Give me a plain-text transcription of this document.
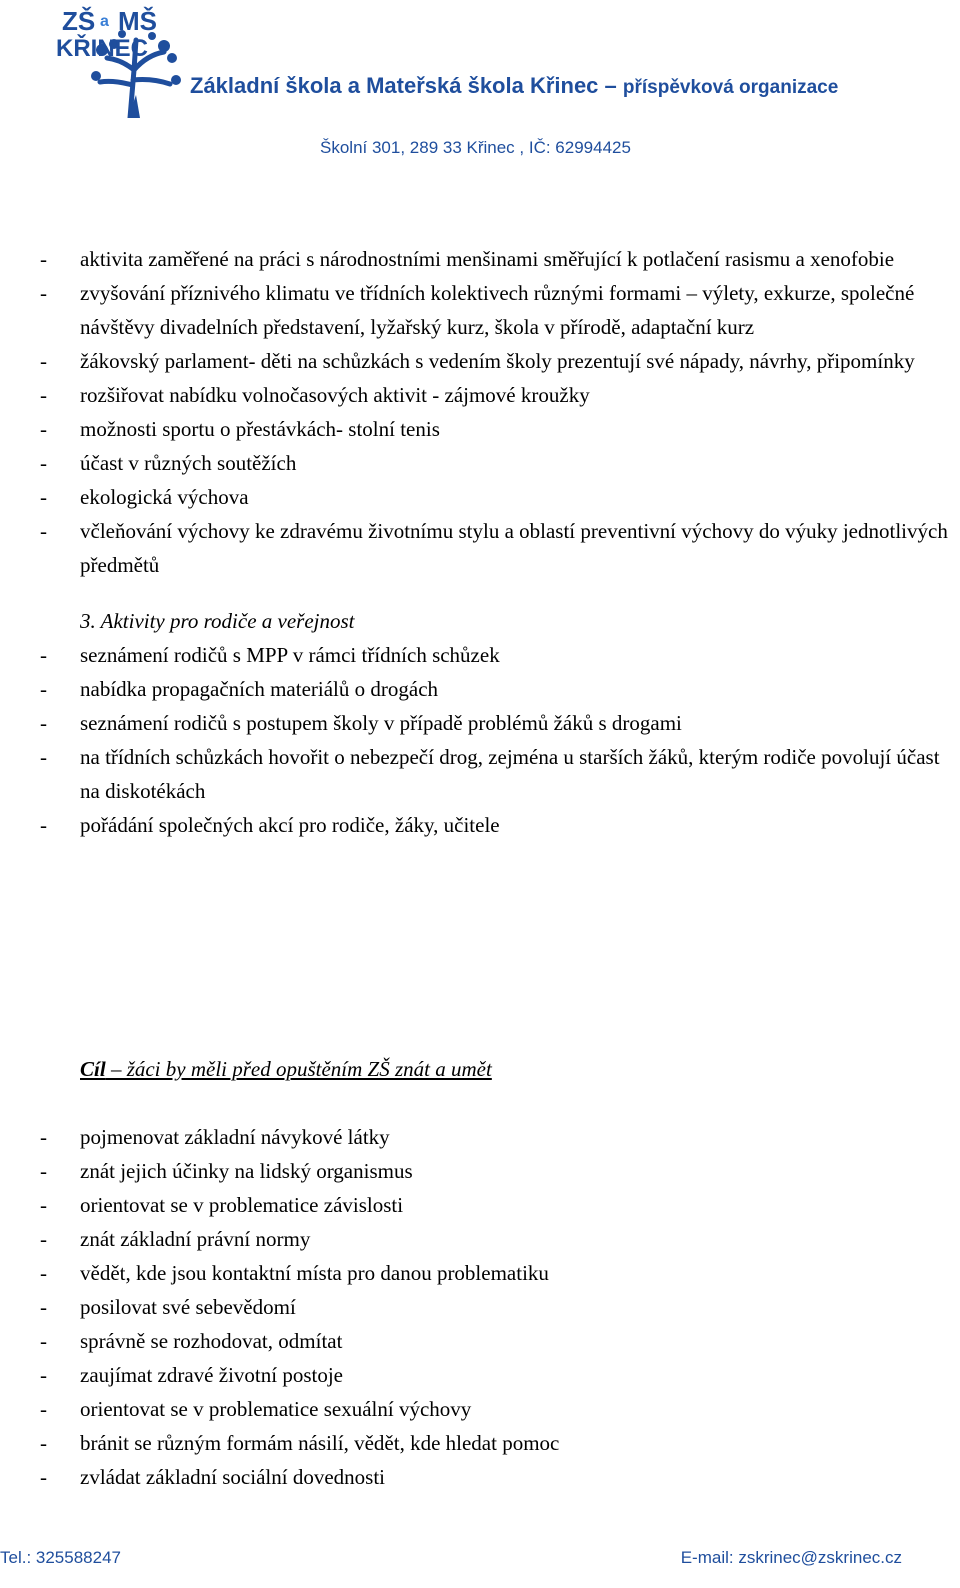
ZŠ a MŠ
KŘINEC
Základní škola a Mateřská škola Křinec – příspěvková organizace
Školní 301, 289 33 Křinec , IČ: 62994425
-	aktivita zaměřené na práci s národnostními menšinami směřující k potlačení rasismu a xenofobie
-	zvyšování příznivého klimatu ve třídních kolektivech různými formami – výlety, exkurze, společné návštěvy divadelních představení, lyžařský kurz, škola v přírodě, adaptační kurz
-	žákovský parlament- děti na schůzkách s vedením školy prezentují své nápady, návrhy, připomínky
-	rozšiřovat nabídku volnočasových aktivit - zájmové kroužky
-	možnosti sportu o přestávkách- stolní tenis
-	účast v různých soutěžích
-	ekologická výchova
-	včleňování výchovy ke zdravému životnímu stylu a oblastí preventivní výchovy do výuky jednotlivých předmětů
3. Aktivity pro rodiče a veřejnost
-	seznámení rodičů s MPP v rámci třídních schůzek
-	nabídka propagačních materiálů o drogách
-	seznámení rodičů s postupem školy v případě problémů žáků s drogami
-	na třídních schůzkách hovořit o nebezpečí drog, zejména u starších žáků, kterým rodiče povolují účast na diskotékách
-	pořádání společných akcí pro rodiče, žáky, učitele
Cíl – žáci by měli před opuštěním ZŠ znát a umět
-	pojmenovat základní návykové látky
-	znát jejich účinky na lidský organismus
-	orientovat se v problematice závislosti
-	znát základní právní normy
-	vědět, kde jsou kontaktní místa pro danou problematiku
-	posilovat své sebevědomí
-	správně se rozhodovat, odmítat
-	zaujímat zdravé životní postoje
-	orientovat se v problematice sexuální výchovy
-	bránit se různým formám násilí, vědět, kde hledat pomoc
-	zvládat základní sociální dovednosti
Tel.: 325588247	E-mail: zskrinec@zskrinec.cz
